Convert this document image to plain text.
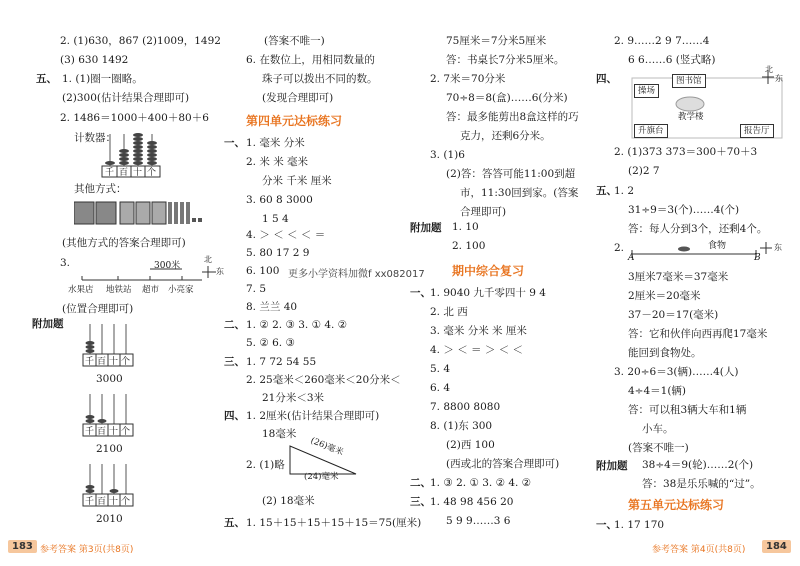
2. (1)630，867 (2)1009，1492
(3) 630 1492
五、 1. (1)圈一圈略。
(2)300(估计结果合理即可)
2. 1486＝1000＋400＋80＋6
计数器：
千 百 十 个
其他方式：
(其他方式的答案合理即可)
3.	300米
北
东
水果店 地铁站 超市 小亮家
(位置合理即可)
附加题
千 百 十 个
3000
千 百 十 个
2100
千 百 十 个
2010
(答案不唯一)
6. 在数位上，用相同数量的
珠子可以拨出不同的数。
(发现合理即可)
第四单元达标练习
一、 1. 毫米 分米
2. 米 米 毫米
分米 千米 厘米
3. 60 8 3000
1 5 4
4. ＞ ＜ ＜ ＜ ＝
5. 80 17 2 9
6. 100 更多小学资料加微f xx082017
7. 5
8. 兰兰 40
二、 1. ② 2. ③ 3. ① 4. ②
5. ② 6. ③
三、 1. 7 72 54 55
2. 25毫米＜260毫米＜20分米＜
21分米＜3米
四、 1. 2厘米(估计结果合理即可)
18毫米
2. (1)略
(26)毫米
(24)毫米
(2) 18毫米
五、 1. 15＋15＋15＋15＋15＝75(厘米)
75厘米＝7分米5厘米
答：书桌长7分米5厘米。
2. 7米＝70分米
70÷8＝8(盒)……6(分米)
答：最多能剪出8盒这样的巧
克力，还剩6分米。
3. (1)6
(2)答：答答可能11:00到超
市，11:30回到家。(答案
合理即可)
附加题 1. 10
2. 100
期中综合复习
一、 1. 9040 九千零四十 9 4
2. 北 西
3. 毫米 分米 米 厘米
4. ＞ ＜ ＝ ＞ ＜ ＜
5. 4
6. 4
7. 8800 8080
8. (1)东 300
(2)西 100
(西或北的答案合理即可)
二、 1. ③ 2. ① 3. ② 4. ②
三、 1. 48 98 456 20
5 9 9……3 6
2. 9……2 9 7……4
6 6……6 (竖式略)
四、	图书馆
操场
教学楼
升旗台	报告厅
北
东
2. (1)373 373＝300＋70＋3
(2)2 7
五、
1. 2
31÷9＝3(个)……4(个)
答：每人分到3个，还剩4个。
2.	食物
A	B
东
3厘米7毫米＝37毫米
2厘米＝20毫米
37－20＝17(毫米)
答：它和伙伴向西再爬17毫米
能回到食物处。
3. 20÷6＝3(辆)……4(人)
4÷4＝1(辆)
答：可以租3辆大车和1辆
小车。
(答案不唯一)
附加题 38÷4＝9(轮)……2(个)
答：38是乐乐喊的“过”。
第五单元达标练习
一、
1. 17 170
183 参考答案 第3页(共8页)	参考答案 第4页(共8页)	184
